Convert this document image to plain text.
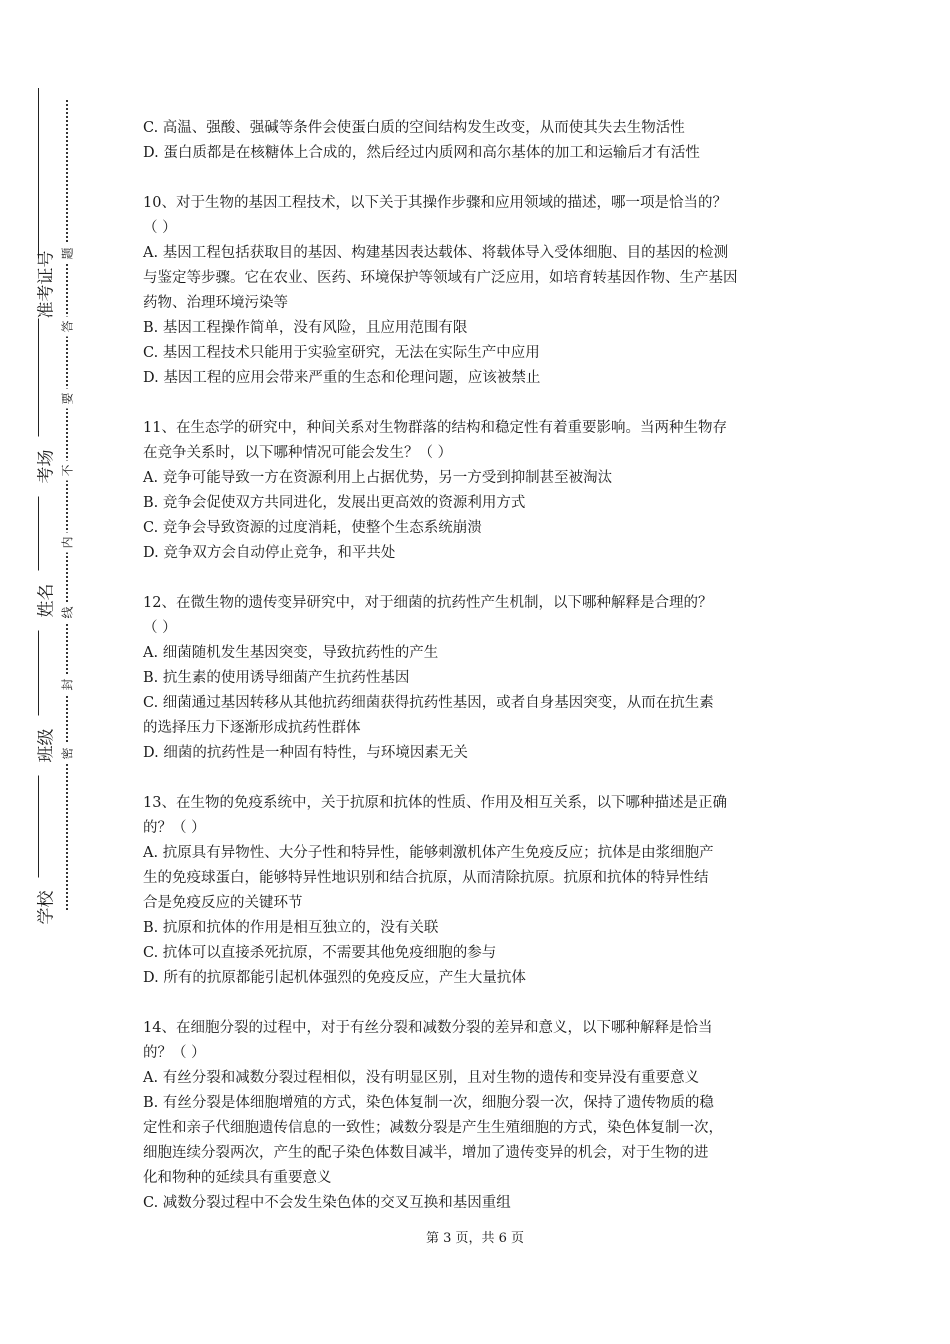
准考证号
考场
姓名
班级
学校
题
答
要
不
内
线
封
密

C. 高温、强酸、强碱等条件会使蛋白质的空间结构发生改变，从而使其失去生物活性

D. 蛋白质都是在核糖体上合成的，然后经过内质网和高尔基体的加工和运输后才有活性

10、对于生物的基因工程技术，以下关于其操作步骤和应用领域的描述，哪一项是恰当的？

（ ）

A. 基因工程包括获取目的基因、构建基因表达载体、将载体导入受体细胞、目的基因的检测

与鉴定等步骤。它在农业、医药、环境保护等领域有广泛应用，如培育转基因作物、生产基因

药物、治理环境污染等

B. 基因工程操作简单，没有风险，且应用范围有限

C. 基因工程技术只能用于实验室研究，无法在实际生产中应用

D. 基因工程的应用会带来严重的生态和伦理问题，应该被禁止

11、在生态学的研究中，种间关系对生物群落的结构和稳定性有着重要影响。当两种生物存

在竞争关系时，以下哪种情况可能会发生？（ ）

A. 竞争可能导致一方在资源利用上占据优势，另一方受到抑制甚至被淘汰

B. 竞争会促使双方共同进化，发展出更高效的资源利用方式

C. 竞争会导致资源的过度消耗，使整个生态系统崩溃

D. 竞争双方会自动停止竞争，和平共处

12、在微生物的遗传变异研究中，对于细菌的抗药性产生机制，以下哪种解释是合理的？

（ ）

A. 细菌随机发生基因突变，导致抗药性的产生

B. 抗生素的使用诱导细菌产生抗药性基因

C. 细菌通过基因转移从其他抗药细菌获得抗药性基因，或者自身基因突变，从而在抗生素

的选择压力下逐渐形成抗药性群体

D. 细菌的抗药性是一种固有特性，与环境因素无关

13、在生物的免疫系统中，关于抗原和抗体的性质、作用及相互关系，以下哪种描述是正确

的？（ ）

A. 抗原具有异物性、大分子性和特异性，能够刺激机体产生免疫反应；抗体是由浆细胞产

生的免疫球蛋白，能够特异性地识别和结合抗原，从而清除抗原。抗原和抗体的特异性结

合是免疫反应的关键环节

B. 抗原和抗体的作用是相互独立的，没有关联

C. 抗体可以直接杀死抗原，不需要其他免疫细胞的参与

D. 所有的抗原都能引起机体强烈的免疫反应，产生大量抗体

14、在细胞分裂的过程中，对于有丝分裂和减数分裂的差异和意义，以下哪种解释是恰当

的？（ ）

A. 有丝分裂和减数分裂过程相似，没有明显区别，且对生物的遗传和变异没有重要意义

B. 有丝分裂是体细胞增殖的方式，染色体复制一次，细胞分裂一次，保持了遗传物质的稳

定性和亲子代细胞遗传信息的一致性；减数分裂是产生生殖细胞的方式，染色体复制一次，

细胞连续分裂两次，产生的配子染色体数目减半，增加了遗传变异的机会，对于生物的进

化和物种的延续具有重要意义

C. 减数分裂过程中不会发生染色体的交叉互换和基因重组

第 3 页，共 6 页
